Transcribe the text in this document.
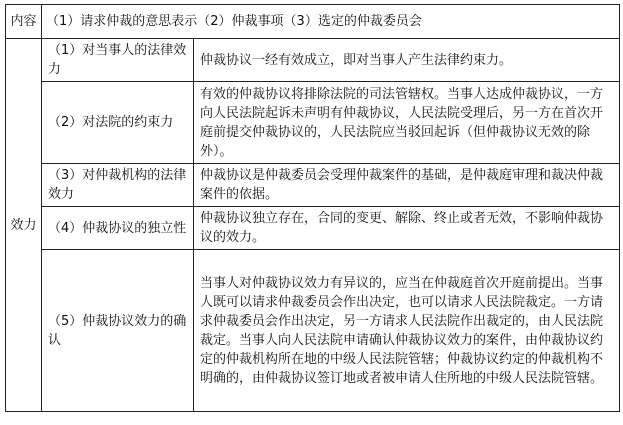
内容	（1）请求仲裁的意思表示（2）仲裁事项（3）选定的仲裁委员会	
效力	（1）对当事人的法律效力	仲裁协议一经有效成立，即对当事人产生法律约束力。
	（2）对法院的约束力	有效的仲裁协议将排除法院的司法管辖权。当事人达成仲裁协议，一方向人民法院起诉未声明有仲裁协议，人民法院受理后，另一方在首次开庭前提交仲裁协议的，人民法院应当驳回起诉（但仲裁协议无效的除外）。
	（3）对仲裁机构的法律效力	仲裁协议是仲裁委员会受理仲裁案件的基础，是仲裁庭审理和裁决仲裁案件的依据。
	（4）仲裁协议的独立性	仲裁协议独立存在，合同的变更、解除、终止或者无效，不影响仲裁协议的效力。
	（5）仲裁协议效力的确认	当事人对仲裁协议效力有异议的，应当在仲裁庭首次开庭前提出。当事人既可以请求仲裁委员会作出决定，也可以请求人民法院裁定。一方请求仲裁委员会作出决定，另一方请求人民法院作出裁定的，由人民法院裁定。当事人向人民法院申请确认仲裁协议效力的案件，由仲裁协议约定的仲裁机构所在地的中级人民法院管辖；仲裁协议约定的仲裁机构不明确的，由仲裁协议签订地或者被申请人住所地的中级人民法院管辖。
